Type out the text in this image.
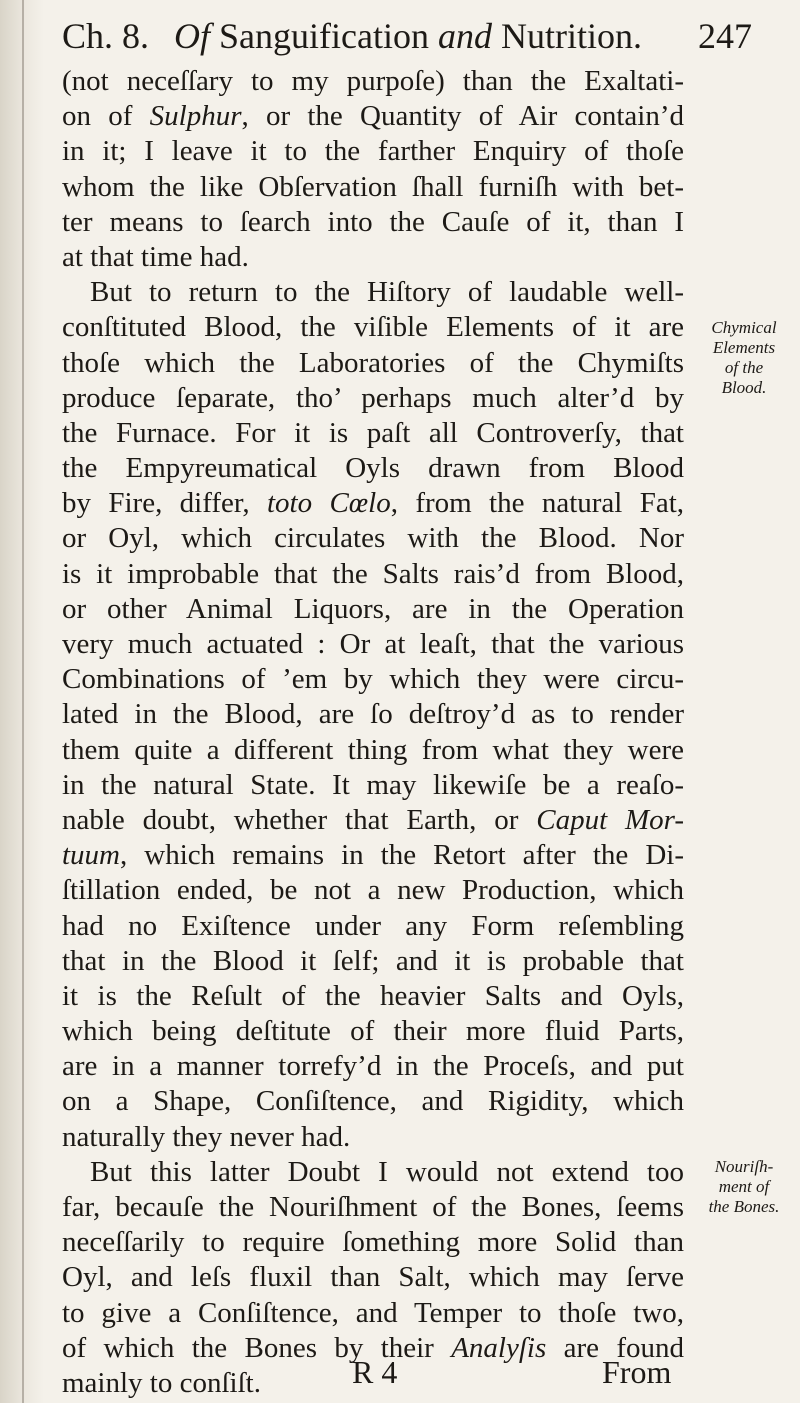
Ch. 8. Of Sanguification and Nutrition. 247
(not neceſſary to my purpoſe) than the Exaltati-
on of Sulphur, or the Quantity of Air contain’d
in it; I leave it to the farther Enquiry of thoſe
whom the like Obſervation ſhall furniſh with bet-
ter means to ſearch into the Cauſe of it, than I
at that time had.
But to return to the Hiſtory of laudable well-
conſtituted Blood, the viſible Elements of it are
thoſe which the Laboratories of the Chymiſts
produce ſeparate, tho’ perhaps much alter’d by
the Furnace. For it is paſt all Controverſy, that
the Empyreumatical Oyls drawn from Blood
by Fire, differ, toto Cœlo, from the natural Fat,
or Oyl, which circulates with the Blood. Nor
is it improbable that the Salts rais’d from Blood,
or other Animal Liquors, are in the Operation
very much actuated : Or at leaſt, that the various
Combinations of ’em by which they were circu-
lated in the Blood, are ſo deſtroy’d as to render
them quite a different thing from what they were
in the natural State. It may likewiſe be a reaſo-
nable doubt, whether that Earth, or Caput Mor-
tuum, which remains in the Retort after the Di-
ſtillation ended, be not a new Production, which
had no Exiſtence under any Form reſembling
that in the Blood it ſelf; and it is probable that
it is the Reſult of the heavier Salts and Oyls,
which being deſtitute of their more fluid Parts,
are in a manner torrefy’d in the Proceſs, and put
on a Shape, Conſiſtence, and Rigidity, which
naturally they never had.
But this latter Doubt I would not extend too
far, becauſe the Nouriſhment of the Bones, ſeems
neceſſarily to require ſomething more Solid than
Oyl, and leſs fluxil than Salt, which may ſerve
to give a Conſiſtence, and Temper to thoſe two,
of which the Bones by their Analyſis are found
mainly to conſiſt.
Chymical
Elements
of the
Blood.
Nouriſh-
ment of
the Bones.
R 4	From
